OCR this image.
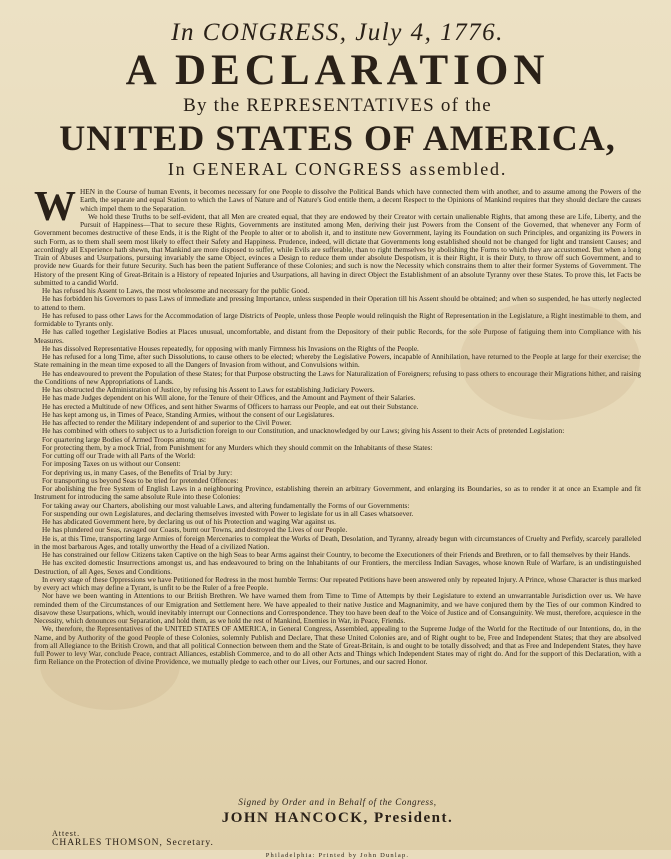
In CONGRESS, July 4, 1776.

A DECLARATION

By the REPRESENTATIVES of the

UNITED STATES OF AMERICA,

In GENERAL CONGRESS assembled.

W HEN in the Course of human Events, it becomes necessary for one People to dissolve the Political Bands which have connected them with another, and to assume among the Powers of the Earth, the separate and equal Station to which the Laws of Nature and of Nature's God entitle them, a decent Respect to the Opinions of Mankind requires that they should declare the causes which impel them to the Separation.

We hold these Truths to be self-evident, that all Men are created equal, that they are endowed by their Creator with certain unalienable Rights, that among these are Life, Liberty, and the Pursuit of Happiness—That to secure these Rights, Governments are instituted among Men, deriving their just Powers from the Consent of the Governed, that whenever any Form of Government becomes destructive of these Ends, it is the Right of the People to alter or to abolish it, and to institute new Government, laying its Foundation on such Principles, and organizing its Powers in such Form, as to them shall seem most likely to effect their Safety and Happiness. Prudence, indeed, will dictate that Governments long established should not be changed for light and transient Causes; and accordingly all Experience hath shewn, that Mankind are more disposed to suffer, while Evils are sufferable, than to right themselves by abolishing the Forms to which they are accustomed. But when a long Train of Abuses and Usurpations, pursuing invariably the same Object, evinces a Design to reduce them under absolute Despotism, it is their Right, it is their Duty, to throw off such Government, and to provide new Guards for their future Security. Such has been the patient Sufferance of these Colonies; and such is now the Necessity which constrains them to alter their former Systems of Government. The History of the present King of Great-Britain is a History of repeated Injuries and Usurpations, all having in direct Object the Establishment of an absolute Tyranny over these States. To prove this, let Facts be submitted to a candid World.

He has refused his Assent to Laws, the most wholesome and necessary for the public Good.

He has forbidden his Governors to pass Laws of immediate and pressing Importance, unless suspended in their Operation till his Assent should be obtained; and when so suspended, he has utterly neglected to attend to them.

He has refused to pass other Laws for the Accommodation of large Districts of People, unless those People would relinquish the Right of Representation in the Legislature, a Right inestimable to them, and formidable to Tyrants only.

He has called together Legislative Bodies at Places unusual, uncomfortable, and distant from the Depository of their public Records, for the sole Purpose of fatiguing them into Compliance with his Measures.

He has dissolved Representative Houses repeatedly, for opposing with manly Firmness his Invasions on the Rights of the People.

He has refused for a long Time, after such Dissolutions, to cause others to be elected; whereby the Legislative Powers, incapable of Annihilation, have returned to the People at large for their exercise; the State remaining in the mean time exposed to all the Dangers of Invasion from without, and Convulsions within.

He has endeavoured to prevent the Population of these States; for that Purpose obstructing the Laws for Naturalization of Foreigners; refusing to pass others to encourage their Migrations hither, and raising the Conditions of new Appropriations of Lands.

He has obstructed the Administration of Justice, by refusing his Assent to Laws for establishing Judiciary Powers.

He has made Judges dependent on his Will alone, for the Tenure of their Offices, and the Amount and Payment of their Salaries.

He has erected a Multitude of new Offices, and sent hither Swarms of Officers to harrass our People, and eat out their Substance.

He has kept among us, in Times of Peace, Standing Armies, without the consent of our Legislatures.

He has affected to render the Military independent of and superior to the Civil Power.

He has combined with others to subject us to a Jurisdiction foreign to our Constitution, and unacknowledged by our Laws; giving his Assent to their Acts of pretended Legislation:

For quartering large Bodies of Armed Troops among us:

For protecting them, by a mock Trial, from Punishment for any Murders which they should commit on the Inhabitants of these States:

For cutting off our Trade with all Parts of the World:

For imposing Taxes on us without our Consent:

For depriving us, in many Cases, of the Benefits of Trial by Jury:

For transporting us beyond Seas to be tried for pretended Offences:

For abolishing the free System of English Laws in a neighbouring Province, establishing therein an arbitrary Government, and enlarging its Boundaries, so as to render it at once an Example and fit Instrument for introducing the same absolute Rule into these Colonies:

For taking away our Charters, abolishing our most valuable Laws, and altering fundamentally the Forms of our Governments:

For suspending our own Legislatures, and declaring themselves invested with Power to legislate for us in all Cases whatsoever.

He has abdicated Government here, by declaring us out of his Protection and waging War against us.

He has plundered our Seas, ravaged our Coasts, burnt our Towns, and destroyed the Lives of our People.

He is, at this Time, transporting large Armies of foreign Mercenaries to compleat the Works of Death, Desolation, and Tyranny, already begun with circumstances of Cruelty and Perfidy, scarcely paralleled in the most barbarous Ages, and totally unworthy the Head of a civilized Nation.

He has constrained our fellow Citizens taken Captive on the high Seas to bear Arms against their Country, to become the Executioners of their Friends and Brethren, or to fall themselves by their Hands.

He has excited domestic Insurrections amongst us, and has endeavoured to bring on the Inhabitants of our Frontiers, the merciless Indian Savages, whose known Rule of Warfare, is an undistinguished Destruction, of all Ages, Sexes and Conditions.

In every stage of these Oppressions we have Petitioned for Redress in the most humble Terms: Our repeated Petitions have been answered only by repeated Injury. A Prince, whose Character is thus marked by every act which may define a Tyrant, is unfit to be the Ruler of a free People.

Nor have we been wanting in Attentions to our British Brethren. We have warned them from Time to Time of Attempts by their Legislature to extend an unwarrantable Jurisdiction over us. We have reminded them of the Circumstances of our Emigration and Settlement here. We have appealed to their native Justice and Magnanimity, and we have conjured them by the Ties of our common Kindred to disavow these Usurpations, which, would inevitably interrupt our Connections and Correspondence. They too have been deaf to the Voice of Justice and of Consanguinity. We must, therefore, acquiesce in the Necessity, which denounces our Separation, and hold them, as we hold the rest of Mankind, Enemies in War, in Peace, Friends.

We, therefore, the Representatives of the UNITED STATES OF AMERICA, in General Congress, Assembled, appealing to the Supreme Judge of the World for the Rectitude of our Intentions, do, in the Name, and by Authority of the good People of these Colonies, solemnly Publish and Declare, That these United Colonies are, and of Right ought to be, Free and Independent States; that they are absolved from all Allegiance to the British Crown, and that all political Connection between them and the State of Great-Britain, is and ought to be totally dissolved; and that as Free and Independent States, they have full Power to levy War, conclude Peace, contract Alliances, establish Commerce, and to do all other Acts and Things which Independent States may of right do. And for the support of this Declaration, with a firm Reliance on the Protection of divine Providence, we mutually pledge to each other our Lives, our Fortunes, and our sacred Honor.

Signed by Order and in Behalf of the Congress,

JOHN HANCOCK, President.

Attest.

CHARLES THOMSON, Secretary.

Philadelphia: Printed by John Dunlap.
